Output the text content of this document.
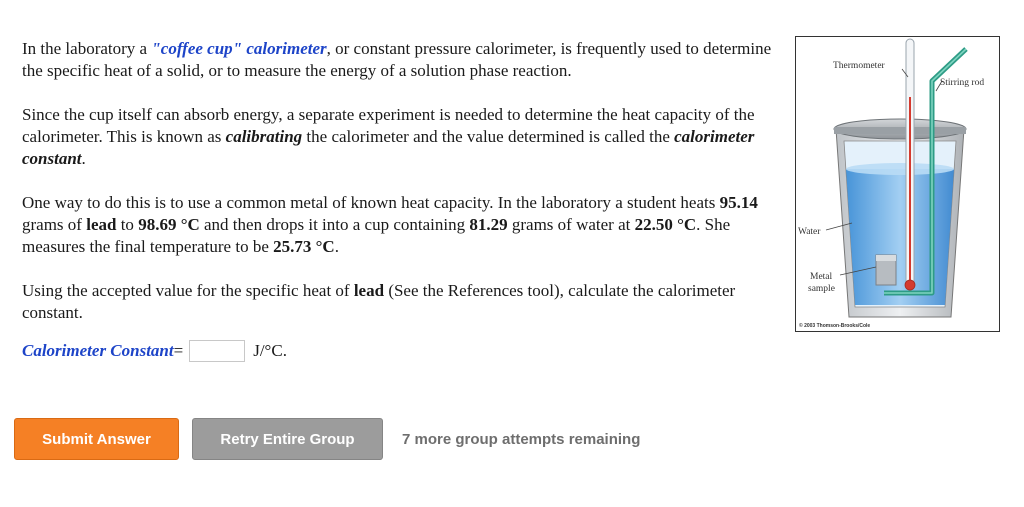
In the laboratory a "coffee cup" calorimeter, or constant pressure calorimeter, is frequently used to determine the specific heat of a solid, or to measure the energy of a solution phase reaction.

Since the cup itself can absorb energy, a separate experiment is needed to determine the heat capacity of the calorimeter. This is known as calibrating the calorimeter and the value determined is called the calorimeter constant.

One way to do this is to use a common metal of known heat capacity. In the laboratory a student heats 95.14 grams of lead to 98.69 °C and then drops it into a cup containing 81.29 grams of water at 22.50 °C. She measures the final temperature to be 25.73 °C.

Using the accepted value for the specific heat of lead (See the References tool), calculate the calorimeter constant.

Calorimeter Constant =	J/°C.
Thermometer
Stirring rod
Water
Metal
sample
© 2003 Thomson-Brooks/Cole
Submit Answer	Retry Entire Group	7 more group attempts remaining
